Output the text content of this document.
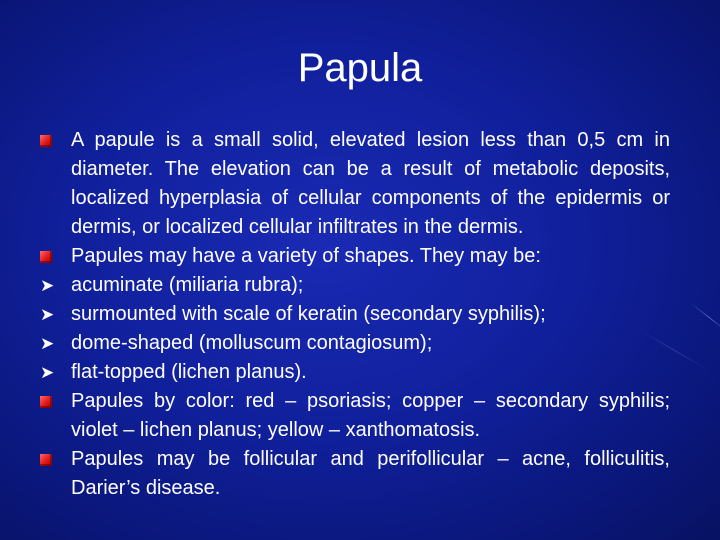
Papula
A papule is a small solid, elevated lesion less than 0,5 cm in diameter. The elevation can be a result of metabolic deposits, localized hyperplasia of cellular components of the epidermis or dermis, or localized cellular infiltrates in the dermis.
Papules may have a variety of shapes. They may be:
➤ acuminate (miliaria rubra);
➤ surmounted with scale of keratin (secondary syphilis);
➤ dome-shaped (molluscum contagiosum);
➤ flat-topped (lichen planus).
Papules by color: red – psoriasis; copper – secondary syphilis; violet – lichen planus; yellow – xanthomatosis.
Papules may be follicular and perifollicular – acne, folliculitis, Darier’s disease.
